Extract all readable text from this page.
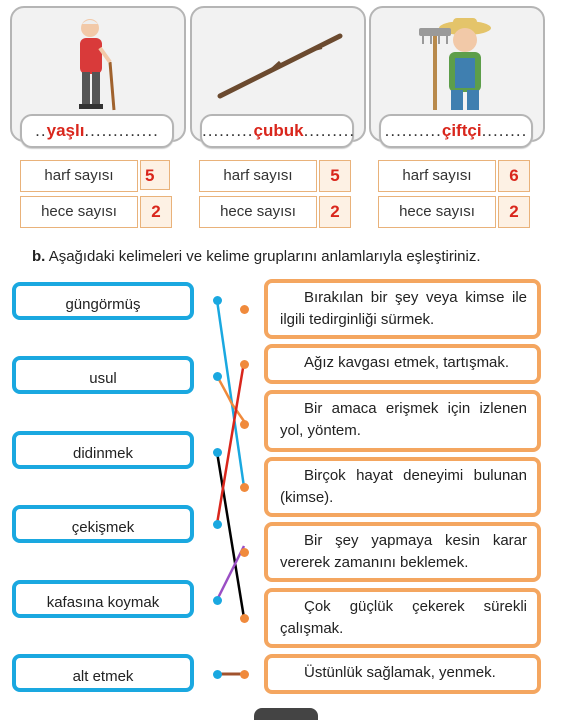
..yaşlı.............	.........çubuk.........	..........çiftçi........
harf sayısı	5
hece sayısı	2
harf sayısı	5
hece sayısı	2
harf sayısı	6
hece sayısı	2
b. Aşağıdaki kelimeleri ve kelime gruplarını anlamlarıyla eşleştiriniz.
güngörmüş
usul
didinmek
çekişmek
kafasına koymak
alt etmek
Bırakılan bir şey veya kimse ile ilgili tedirginliği sürmek.
Ağız kavgası etmek, tartışmak.
Bir amaca erişmek için izlenen yol, yöntem.
Birçok hayat deneyimi bulunan (kimse).
Bir şey yapmaya kesin karar vererek zamanını beklemek.
Çok güçlük çekerek sürekli çalışmak.
Üstünlük sağlamak, yenmek.
